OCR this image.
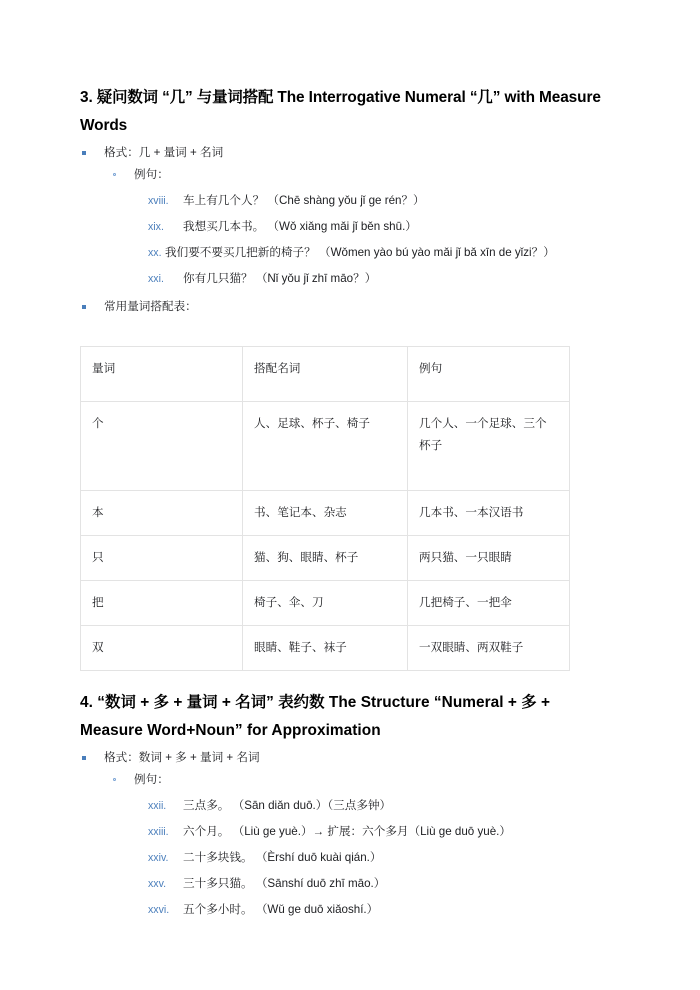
3. 疑问数词 “几” 与量词搭配 The Interrogative Numeral “几” with Measure Words
格式：几 + 量词 + 名词
例句：
xviii. 车上有几个人？ （Chē shàng yǒu jǐ ge rén？）
xix. 我想买几本书。 （Wǒ xiǎng mǎi jǐ běn shū.）
xx. 我们要不要买几把新的椅子？ （Wǒmen yào bú yào mǎi jǐ bǎ xīn de yǐzi？）
xxi. 你有几只猫？ （Nǐ yǒu jǐ zhī māo？）
常用量词搭配表：
量词	搭配名词	例句
个	人、足球、杯子、椅子	几个人、一个足球、三个杯子
本	书、笔记本、杂志	几本书、一本汉语书
只	猫、狗、眼睛、杯子	两只猫、一只眼睛
把	椅子、伞、刀	几把椅子、一把伞
双	眼睛、鞋子、袜子	一双眼睛、两双鞋子
4. “数词 + 多 + 量词 + 名词” 表约数 The Structure “Numeral + 多 + Measure Word+Noun” for Approximation
格式：数词 + 多 + 量词 + 名词
例句：
xxii. 三点多。 （Sān diǎn duō.）（三点多钟）
xxiii. 六个月。 （Liù ge yuè.）→ 扩展：六个多月（Liù ge duō yuè.）
xxiv. 二十多块钱。 （Èrshí duō kuài qián.）
xxv. 三十多只猫。 （Sānshí duō zhī māo.）
xxvi. 五个多小时。 （Wǔ ge duō xiǎoshí.）
